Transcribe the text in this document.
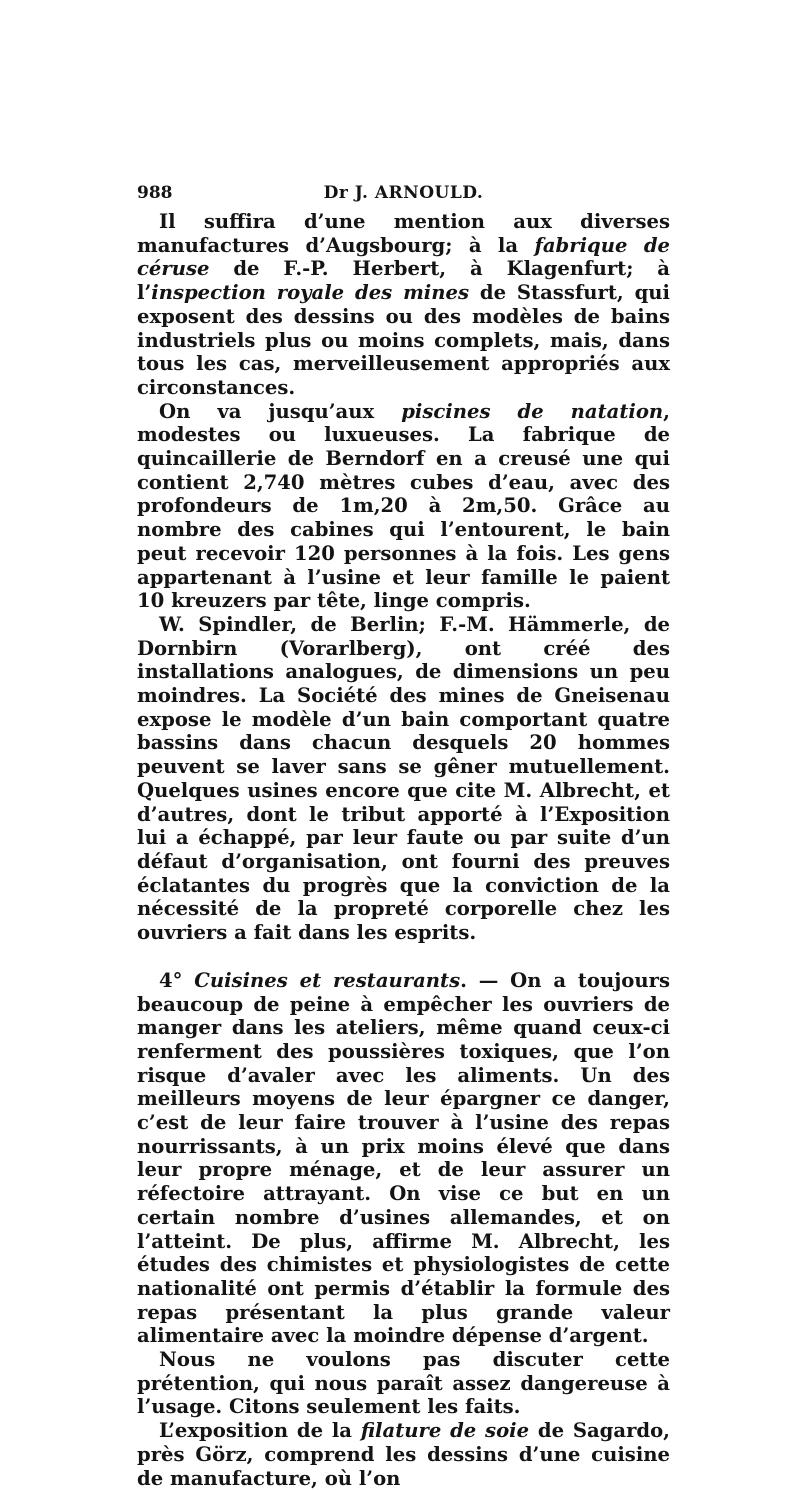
988	Dr J. ARNOULD.

Il suffira d’une mention aux diverses manufactures d’Augsbourg; à la fabrique de céruse de F.-P. Herbert, à Klagenfurt; à l’inspection royale des mines de Stassfurt, qui exposent des dessins ou des modèles de bains industriels plus ou moins complets, mais, dans tous les cas, merveilleusement appropriés aux circonstances.

On va jusqu’aux piscines de natation, modestes ou luxueuses. La fabrique de quincaillerie de Berndorf en a creusé une qui contient 2,740 mètres cubes d’eau, avec des profondeurs de 1m,20 à 2m,50. Grâce au nombre des cabines qui l’entourent, le bain peut recevoir 120 personnes à la fois. Les gens appartenant à l’usine et leur famille le paient 10 kreuzers par tête, linge compris.

W. Spindler, de Berlin; F.-M. Hämmerle, de Dornbirn (Vorarlberg), ont créé des installations analogues, de dimensions un peu moindres. La Société des mines de Gneisenau expose le modèle d’un bain comportant quatre bassins dans chacun desquels 20 hommes peuvent se laver sans se gêner mutuellement. Quelques usines encore que cite M. Albrecht, et d’autres, dont le tribut apporté à l’Exposition lui a échappé, par leur faute ou par suite d’un défaut d’organisation, ont fourni des preuves éclatantes du progrès que la conviction de la nécessité de la propreté corporelle chez les ouvriers a fait dans les esprits.

4° Cuisines et restaurants. — On a toujours beaucoup de peine à empêcher les ouvriers de manger dans les ateliers, même quand ceux-ci renferment des poussières toxiques, que l’on risque d’avaler avec les aliments. Un des meilleurs moyens de leur épargner ce danger, c’est de leur faire trouver à l’usine des repas nourrissants, à un prix moins élevé que dans leur propre ménage, et de leur assurer un réfectoire attrayant. On vise ce but en un certain nombre d’usines allemandes, et on l’atteint. De plus, affirme M. Albrecht, les études des chimistes et physiologistes de cette nationalité ont permis d’établir la formule des repas présentant la plus grande valeur alimentaire avec la moindre dépense d’argent.

Nous ne voulons pas discuter cette prétention, qui nous paraît assez dangereuse à l’usage. Citons seulement les faits.

L’exposition de la filature de soie de Sagardo, près Görz, comprend les dessins d’une cuisine de manufacture, où l’on
